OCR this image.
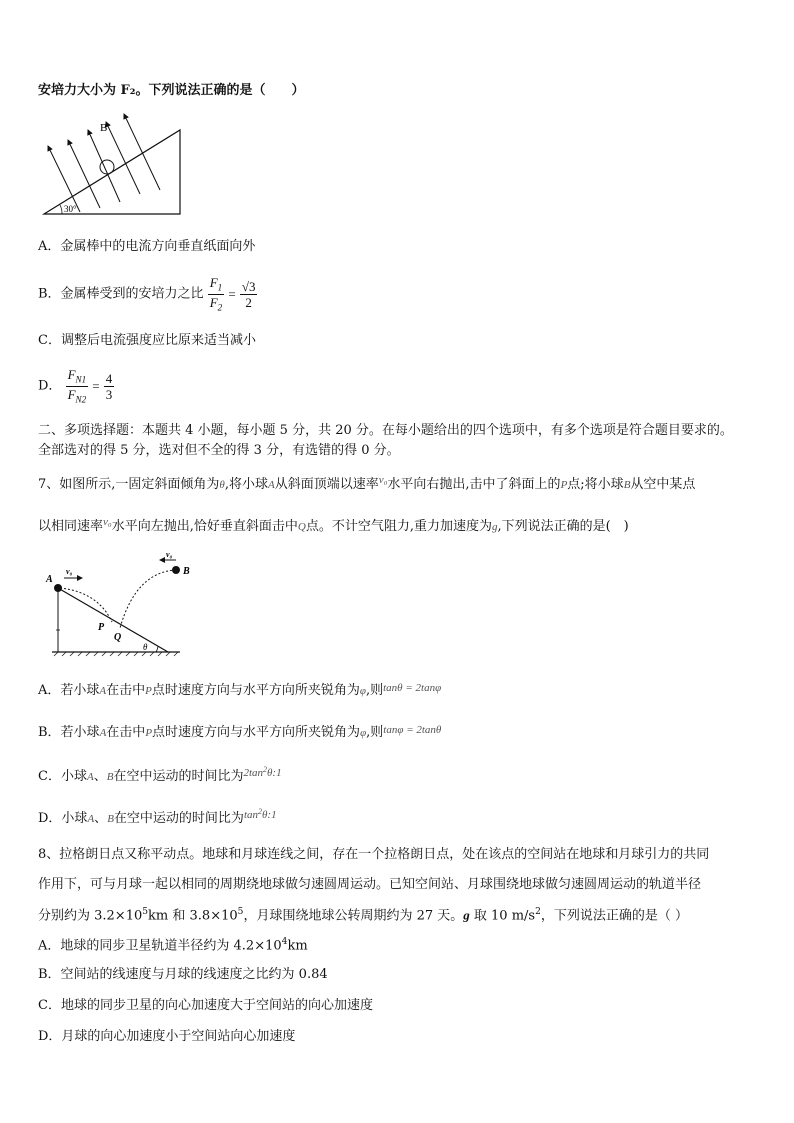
安培力大小为 F₂。下列说法正确的是（　　）
B
30°
A．金属棒中的电流方向垂直纸面向外
B．金属棒受到的安培力之比 $\frac{F_1}{F_2} = \frac{√3}{2}$
C．调整后电流强度应比原来适当减小
D． $\frac{F_{N1}}{F_{N2}} = \frac{4}{3}$
二、多项选择题：本题共 4 小题，每小题 5 分，共 20 分。在每小题给出的四个选项中，有多个选项是符合题目要求的。
全部选对的得 5 分，选对但不全的得 3 分，有选错的得 0 分。
7、如图所示,一固定斜面倾角为θ,将小球A从斜面顶端以速率$^{v_0}$水平向右抛出,击中了斜面上的P点;将小球B从空中某点
以相同速率$^{v_0}$水平向左抛出,恰好垂直斜面击中Q点。不计空气阻力,重力加速度为g,下列说法正确的是(　)
A
B
P
Q
v₀
v₀
θ
A．若小球A在击中P点时速度方向与水平方向所夹锐角为φ,则$^{tan\theta = 2tan\varphi}$
B．若小球A在击中P点时速度方向与水平方向所夹锐角为φ,则$^{tan\varphi = 2tan\theta}$
C．小球A、B在空中运动的时间比为$^{2tan2\theta:1}$
D．小球A、B在空中运动的时间比为$^{tan2\theta:1}$
8、拉格朗日点又称平动点。地球和月球连线之间，存在一个拉格朗日点，处在该点的空间站在地球和月球引力的共同
作用下，可与月球一起以相同的周期绕地球做匀速圆周运动。已知空间站、月球围绕地球做匀速圆周运动的轨道半径
分别约为 $3.2\times 10^5km$ 和 $3.8\times 10^5$，月球围绕地球公转周期约为 27 天。g 取 10 $m/s^2$，下列说法正确的是（ ）
A．地球的同步卫星轨道半径约为 $4.2\times 10^4km$
B．空间站的线速度与月球的线速度之比约为 0.84
C．地球的同步卫星的向心加速度大于空间站的向心加速度
D．月球的向心加速度小于空间站向心加速度
